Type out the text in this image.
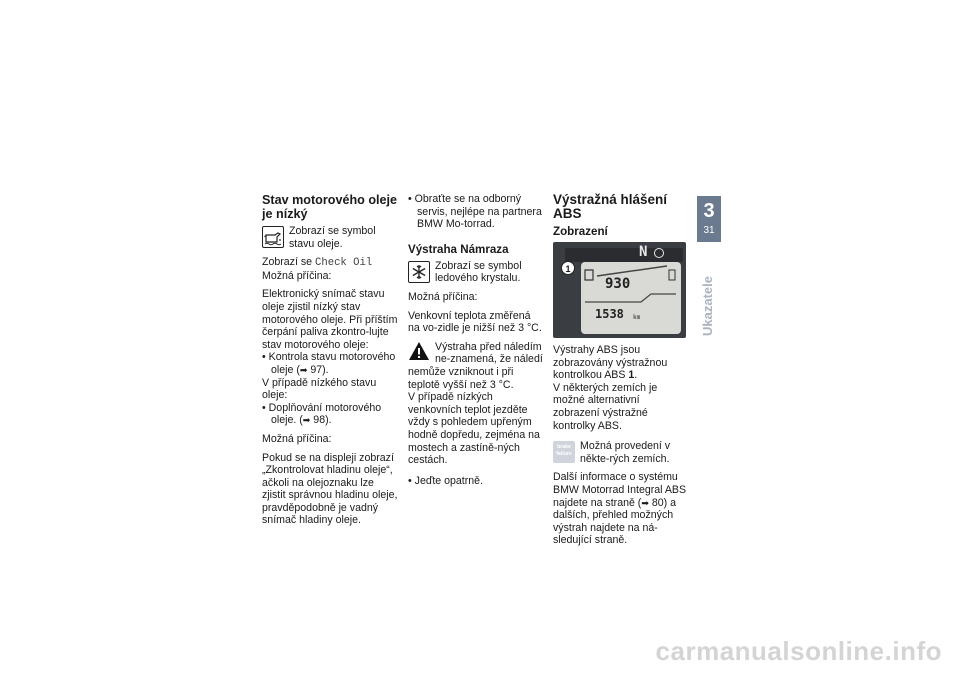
Stav motorového oleje je nízký

Zobrazí se symbol stavu oleje.

Zobrazí se Check Oil

Možná příčina:

Elektronický snímač stavu oleje zjistil nízký stav motorového oleje. Při příštím čerpání paliva zkontro-lujte stav motorového oleje:

• Kontrola stavu motorového oleje (➡ 97).

V případě nízkého stavu oleje:

• Doplňování motorového oleje. (➡ 98).

Možná příčina:

Pokud se na displeji zobrazí „Zkontrolovat hladinu oleje“, ačkoli na olejoznaku lze zjistit správnou hladinu oleje, pravděpodobně je vadný snímač hladiny oleje.

• Obraťte se na odborný servis, nejlépe na partnera BMW Mo-torrad.

Výstraha Námraza

Zobrazí se symbol ledového krystalu.

Možná příčina:

Venkovní teplota změřená na vo-zidle je nižší než 3 °C.

Výstraha před náledím ne-znamená, že náledí nemůže vzniknout i při teplotě vyšší než 3 °C.

V případě nízkých venkovních teplot jezděte vždy s pohledem upřeným hodně dopředu, zejména na mostech a zastíně-ných cestách.

• Jeďte opatrně.

Výstražná hlášení ABS
Zobrazení
N
930
1538 km
1

Výstrahy ABS jsou zobrazovány výstražnou kontrolkou ABS 1.

V některých zemích je možné alternativní zobrazení výstražné kontrolky ABS.

brake
failure

Možná provedení v někte-rých zemích.

Další informace o systému BMW Motorrad Integral ABS najdete na straně (➡ 80) a dalších, přehled možných výstrah najdete na ná-sledující straně.

3
31
Ukazatele
carmanualsonline.info
